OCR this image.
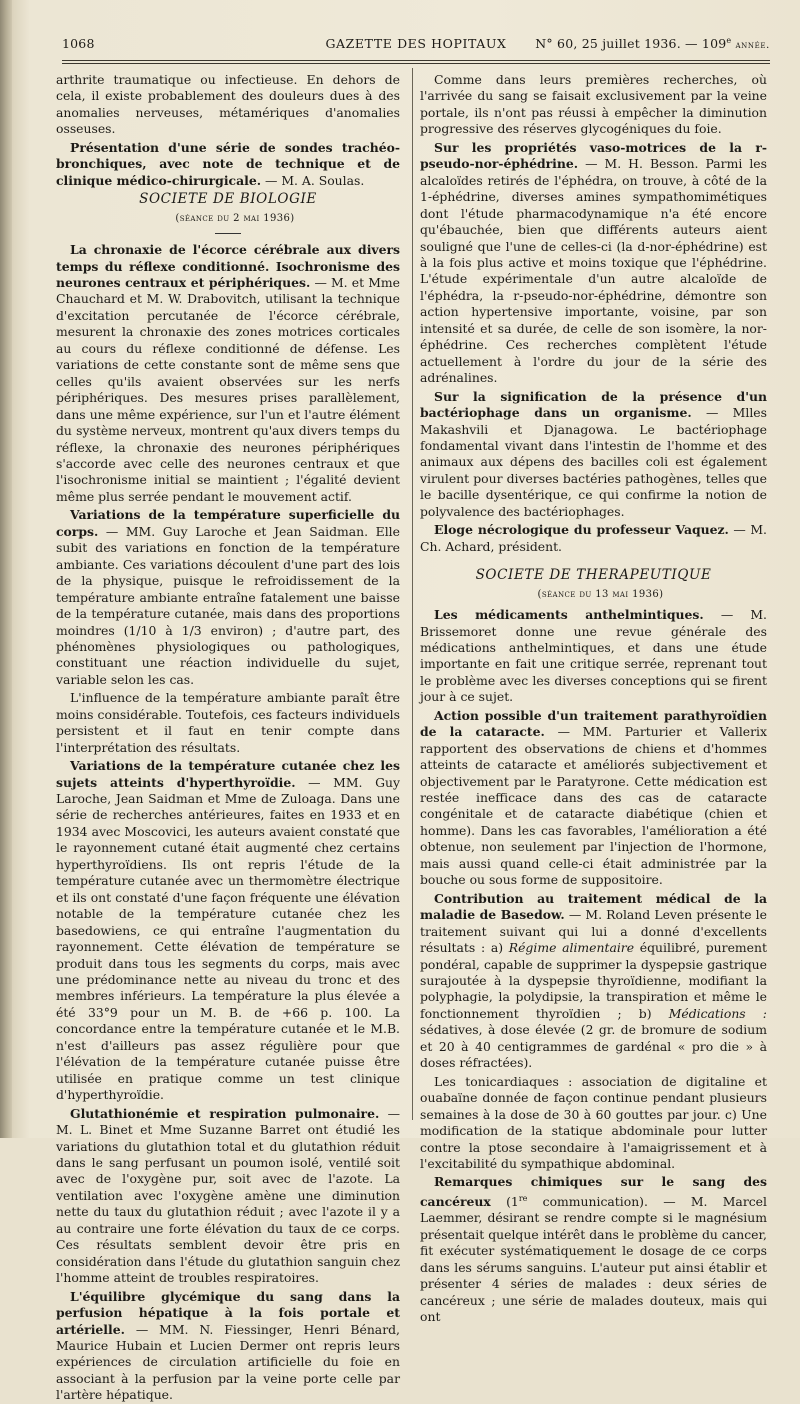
1068	GAZETTE DES HOPITAUX	N° 60, 25 juillet 1936. — 109e année.

arthrite traumatique ou infectieuse. En dehors de cela, il existe probablement des douleurs dues à des anomalies nerveuses, métamériques d'anomalies osseuses.

Présentation d'une série de sondes trachéo-bronchiques, avec note de technique et de clinique médico-chirurgicale. — M. A. Soulas.

SOCIETE DE BIOLOGIE

(séance du 2 mai 1936)

La chronaxie de l'écorce cérébrale aux divers temps du réflexe conditionné. Isochronisme des neurones centraux et périphériques. — M. et Mme Chauchard et M. W. Drabovitch, utilisant la technique d'excitation percutanée de l'écorce cérébrale, mesurent la chronaxie des zones motrices corticales au cours du réflexe conditionné de défense. Les variations de cette constante sont de même sens que celles qu'ils avaient observées sur les nerfs périphériques. Des mesures prises parallèlement, dans une même expérience, sur l'un et l'autre élément du système nerveux, montrent qu'aux divers temps du réflexe, la chronaxie des neurones périphériques s'accorde avec celle des neurones centraux et que l'isochronisme initial se maintient ; l'égalité devient même plus serrée pendant le mouvement actif.

Variations de la température superficielle du corps. — MM. Guy Laroche et Jean Saidman. Elle subit des variations en fonction de la température ambiante. Ces variations découlent d'une part des lois de la physique, puisque le refroidissement de la température ambiante entraîne fatalement une baisse de la température cutanée, mais dans des proportions moindres (1/10 à 1/3 environ) ; d'autre part, des phénomènes physiologiques ou pathologiques, constituant une réaction individuelle du sujet, variable selon les cas.

L'influence de la température ambiante paraît être moins considérable. Toutefois, ces facteurs individuels persistent et il faut en tenir compte dans l'interprétation des résultats.

Variations de la température cutanée chez les sujets atteints d'hyperthyroïdie. — MM. Guy Laroche, Jean Saidman et Mme de Zuloaga. Dans une série de recherches antérieures, faites en 1933 et en 1934 avec Moscovici, les auteurs avaient constaté que le rayonnement cutané était augmenté chez certains hyperthyroïdiens. Ils ont repris l'étude de la température cutanée avec un thermomètre électrique et ils ont constaté d'une façon fréquente une élévation notable de la température cutanée chez les basedowiens, ce qui entraîne l'augmentation du rayonnement. Cette élévation de température se produit dans tous les segments du corps, mais avec une prédominance nette au niveau du tronc et des membres inférieurs. La température la plus élevée a été 33°9 pour un M. B. de +66 p. 100. La concordance entre la température cutanée et le M.B. n'est d'ailleurs pas assez régulière pour que l'élévation de la température cutanée puisse être utilisée en pratique comme un test clinique d'hyperthyroïdie.

Glutathionémie et respiration pulmonaire. — M. L. Binet et Mme Suzanne Barret ont étudié les variations du glutathion total et du glutathion réduit dans le sang perfusant un poumon isolé, ventilé soit avec de l'oxygène pur, soit avec de l'azote. La ventilation avec l'oxygène amène une diminution nette du taux du glutathion réduit ; avec l'azote il y a au contraire une forte élévation du taux de ce corps. Ces résultats semblent devoir être pris en considération dans l'étude du glutathion sanguin chez l'homme atteint de troubles respiratoires.

L'équilibre glycémique du sang dans la perfusion hépatique à la fois portale et artérielle. — MM. N. Fiessinger, Henri Bénard, Maurice Hubain et Lucien Dermer ont repris leurs expériences de circulation artificielle du foie en associant à la perfusion par la veine porte celle par l'artère hépatique.

Comme dans leurs premières recherches, où l'arrivée du sang se faisait exclusivement par la veine portale, ils n'ont pas réussi à empêcher la diminution progressive des réserves glycogéniques du foie.

Sur les propriétés vaso-motrices de la r-pseudo-nor-éphédrine. — M. H. Besson. Parmi les alcaloïdes retirés de l'éphédra, on trouve, à côté de la 1-éphédrine, diverses amines sympathomimétiques dont l'étude pharmacodynamique n'a été encore qu'ébauchée, bien que différents auteurs aient souligné que l'une de celles-ci (la d-nor-éphédrine) est à la fois plus active et moins toxique que l'éphédrine. L'étude expérimentale d'un autre alcaloïde de l'éphédra, la r-pseudo-nor-éphédrine, démontre son action hypertensive importante, voisine, par son intensité et sa durée, de celle de son isomère, la nor-éphédrine. Ces recherches complètent l'étude actuellement à l'ordre du jour de la série des adrénalines.

Sur la signification de la présence d'un bactériophage dans un organisme. — Mlles Makashvili et Djanagowa. Le bactériophage fondamental vivant dans l'intestin de l'homme et des animaux aux dépens des bacilles coli est également virulent pour diverses bactéries pathogènes, telles que le bacille dysentérique, ce qui confirme la notion de polyvalence des bactériophages.

Eloge nécrologique du professeur Vaquez. — M. Ch. Achard, président.

SOCIETE DE THERAPEUTIQUE

(séance du 13 mai 1936)

Les médicaments anthelmintiques. — M. Brissemoret donne une revue générale des médications anthelmintiques, et dans une étude importante en fait une critique serrée, reprenant tout le problème avec les diverses conceptions qui se firent jour à ce sujet.

Action possible d'un traitement parathyroïdien de la cataracte. — MM. Parturier et Vallerix rapportent des observations de chiens et d'hommes atteints de cataracte et améliorés subjectivement et objectivement par le Paratyrone. Cette médication est restée inefficace dans des cas de cataracte congénitale et de cataracte diabétique (chien et homme). Dans les cas favorables, l'amélioration a été obtenue, non seulement par l'injection de l'hormone, mais aussi quand celle-ci était administrée par la bouche ou sous forme de suppositoire.

Contribution au traitement médical de la maladie de Basedow. — M. Roland Leven présente le traitement suivant qui lui a donné d'excellents résultats : a) Régime alimentaire équilibré, purement pondéral, capable de supprimer la dyspepsie gastrique surajoutée à la dyspepsie thyroïdienne, modifiant la polyphagie, la polydipsie, la transpiration et même le fonctionnement thyroïdien ; b) Médications : sédatives, à dose élevée (2 gr. de bromure de sodium et 20 à 40 centigrammes de gardénal « pro die » à doses réfractées).

Les tonicardiaques : association de digitaline et ouabaïne donnée de façon continue pendant plusieurs semaines à la dose de 30 à 60 gouttes par jour. c) Une modification de la statique abdominale pour lutter contre la ptose secondaire à l'amaigrissement et à l'excitabilité du sympathique abdominal.

Remarques chimiques sur le sang des cancéreux (1re communication). — M. Marcel Laemmer, désirant se rendre compte si le magnésium présentait quelque intérêt dans le problème du cancer, fit exécuter systématiquement le dosage de ce corps dans les sérums sanguins. L'auteur put ainsi établir et présenter 4 séries de malades : deux séries de cancéreux ; une série de malades douteux, mais qui ont
